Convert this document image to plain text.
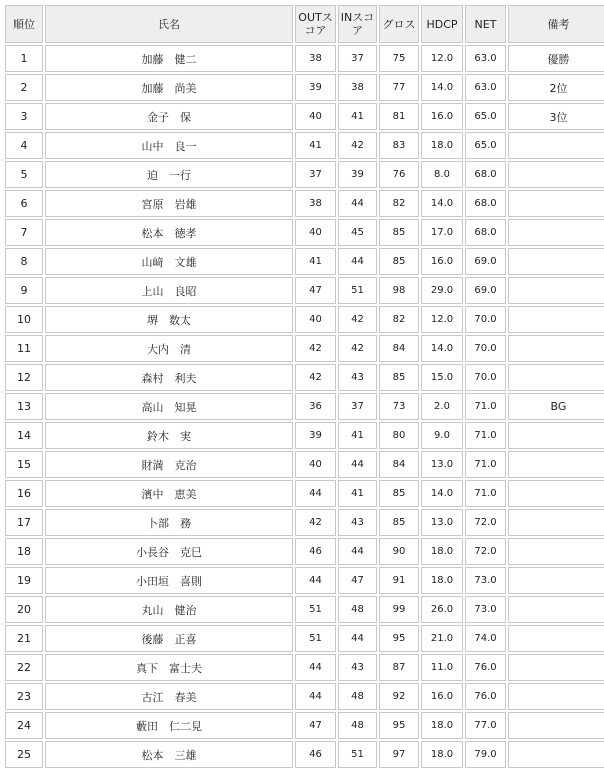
順位	氏名	OUTスコア	INスコア	グロス	HDCP	NET	備考
1	加藤　健二	38	37	75	12.0	63.0	優勝
2	加藤　尚美	39	38	77	14.0	63.0	2位
3	金子　保	40	41	81	16.0	65.0	3位
4	山中　良一	41	42	83	18.0	65.0	
5	迫　一行	37	39	76	8.0	68.0	
6	宮原　岩雄	38	44	82	14.0	68.0	
7	松本　徳孝	40	45	85	17.0	68.0	
8	山﨑　文雄	41	44	85	16.0	69.0	
9	上山　良昭	47	51	98	29.0	69.0	
10	堺　数太	40	42	82	12.0	70.0	
11	大内　清	42	42	84	14.0	70.0	
12	森村　利夫	42	43	85	15.0	70.0	
13	高山　知晃	36	37	73	2.0	71.0	BG
14	鈴木　実	39	41	80	9.0	71.0	
15	財満　克治	40	44	84	13.0	71.0	
16	濱中　恵美	44	41	85	14.0	71.0	
17	卜部　務	42	43	85	13.0	72.0	
18	小長谷　克巳	46	44	90	18.0	72.0	
19	小田垣　喜則	44	47	91	18.0	73.0	
20	丸山　健治	51	48	99	26.0	73.0	
21	後藤　正喜	51	44	95	21.0	74.0	
22	真下　富士夫	44	43	87	11.0	76.0	
23	古江　春美	44	48	92	16.0	76.0	
24	藪田　仁二見	47	48	95	18.0	77.0	
25	松本　三雄	46	51	97	18.0	79.0	
